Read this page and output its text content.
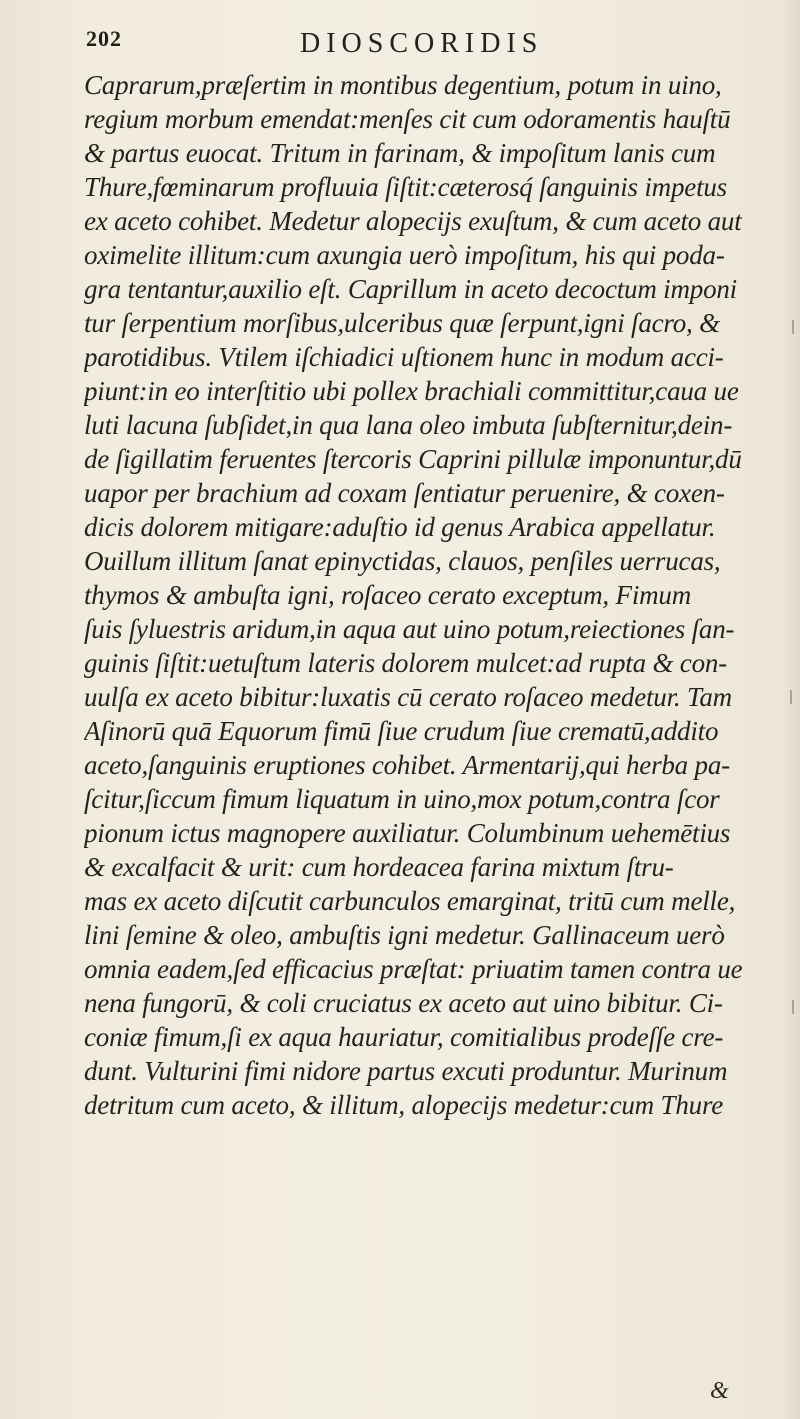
202	DIOSCORIDIS
Caprarum,præſertim in montibus degentium, potum in uino,
regium morbum emendat:menſes cit cum odoramentis hauſtū
& partus euocat. Tritum in farinam, & impoſitum lanis cum
Thure,fœminarum profluuia ſiſtit:cæterosq́ ſanguinis impetus
ex aceto cohibet. Medetur alopecijs exuſtum, & cum aceto aut
oximelite illitum:cum axungia uerò impoſitum, his qui poda-
gra tentantur,auxilio eſt. Caprillum in aceto decoctum imponi
tur ſerpentium morſibus,ulceribus quæ ſerpunt,igni ſacro, &
parotidibus. Vtilem iſchiadici uſtionem hunc in modum acci-
piunt:in eo interſtitio ubi pollex brachiali committitur,caua ue
luti lacuna ſubſidet,in qua lana oleo imbuta ſubſternitur,dein-
de ſigillatim feruentes ſtercoris Caprini pillulæ imponuntur,dū
uapor per brachium ad coxam ſentiatur peruenire, & coxen-
dicis dolorem mitigare:aduſtio id genus Arabica appellatur.
Ouillum illitum ſanat epinyctidas, clauos, penſiles uerrucas,
thymos & ambuſta igni, roſaceo cerato exceptum, Fimum
ſuis ſyluestris aridum,in aqua aut uino potum,reiectiones ſan-
guinis ſiſtit:uetuſtum lateris dolorem mulcet:ad rupta & con-
uulſa ex aceto bibitur:luxatis cū cerato roſaceo medetur. Tam
Aſinorū quā Equorum fimū ſiue crudum ſiue crematū,addito
aceto,ſanguinis eruptiones cohibet. Armentarij,qui herba pa-
ſcitur,ſiccum fimum liquatum in uino,mox potum,contra ſcor
pionum ictus magnopere auxiliatur. Columbinum uehemētius
& excalfacit & urit: cum hordeacea farina mixtum ſtru-
mas ex aceto diſcutit carbunculos emarginat, tritū cum melle,
lini ſemine & oleo, ambuſtis igni medetur. Gallinaceum uerò
omnia eadem,ſed efficacius præſtat: priuatim tamen contra ue
nena fungorū, & coli cruciatus ex aceto aut uino bibitur. Ci-
coniæ fimum,ſi ex aqua hauriatur, comitialibus prodeſſe cre-
dunt. Vulturini fimi nidore partus excuti produntur. Murinum
detritum cum aceto, & illitum, alopecijs medetur:cum Thure
&
